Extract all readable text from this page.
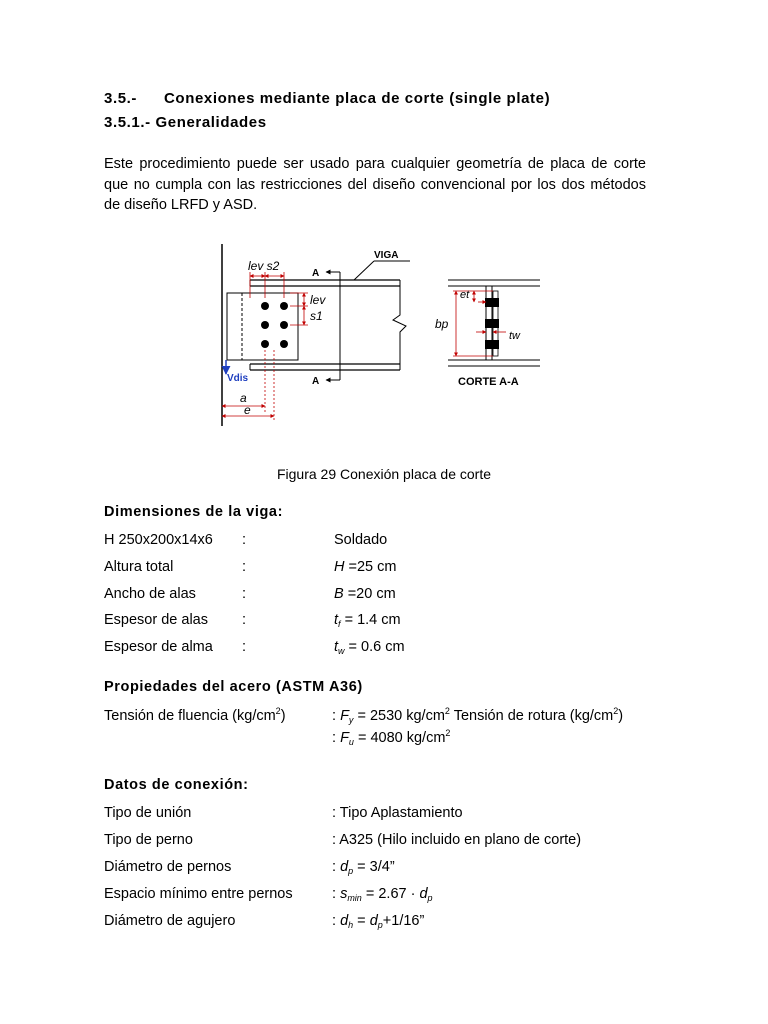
3.5.- Conexiones mediante placa de corte (single plate)
3.5.1.- Generalidades
Este procedimiento puede ser usado para cualquier geometría de placa de corte que no cumpla con las restricciones del diseño convencional por los dos métodos de diseño LRFD y ASD.
A
A
VIGA
lev s2
lev
s1
a
e
Vdis
et
bp
tw
CORTE A-A
Figura 29 Conexión placa de corte
Dimensiones de la viga:
H 250x200x14x6 :	Soldado
Altura total	:	H =25 cm
Ancho de alas	:	B =20 cm
Espesor de alas :	$t_f = 1.4$ cm
Espesor de alma :	$t_w = 0.6$ cm
Propiedades del acero (ASTM A36)
Tensión de fluencia $(kg/cm^2)$	: $F_y = 2530$ $kg/cm^2$ Tensión de rotura $(kg/cm^2)$
: $F_u = 4080$ $kg/cm^2$
Datos de conexión:
Tipo de unión	: Tipo Aplastamiento
Tipo de perno	: A325 (Hilo incluido en plano de corte)
Diámetro de pernos	: $d_p = 3/4$”
Espacio mínimo entre pernos	: $s_{min} = 2.67 \cdot d_p$
Diámetro de agujero	: $d_h = d_p+1/16$”
